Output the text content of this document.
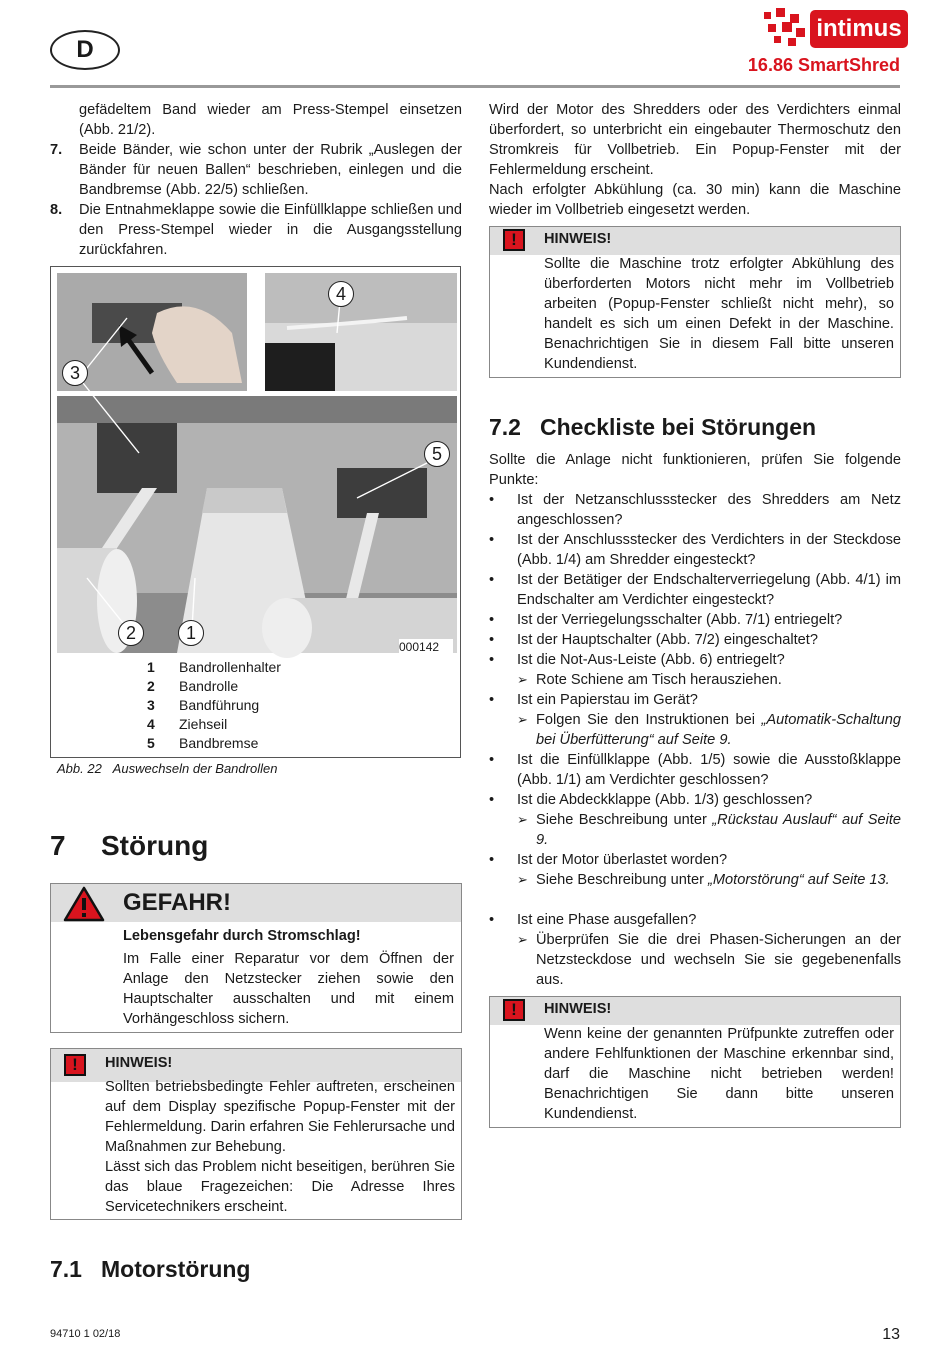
D
intimus
16.86 SmartShred

gefädeltem Band wieder am Press-Stempel einsetzen (Abb. 21/2).

7. Beide Bänder, wie schon unter der Rubrik „Auslegen der Bänder für neuen Ballen“ beschrieben, einlegen und die Bandbremse (Abb. 22/5) schließen.
8. Die Entnahmeklappe sowie die Einfüllklappe schließen und den Press-Stempel wieder in die Ausgangsstellung zurückfahren.
000142
1
2
3
4
5
1 Bandrollenhalter
2 Bandrolle
3 Bandführung
4 Ziehseil
5 Bandbremse
Abb. 22 Auswechseln der Bandrollen
7 Störung
GEFAHR!
Lebensgefahr durch Stromschlag!

Im Falle einer Reparatur vor dem Öffnen der Anlage den Netzstecker ziehen sowie den Hauptschalter ausschalten und mit einem Vorhängeschloss sichern.

!	HINWEIS!

Sollten betriebsbedingte Fehler auftreten, erscheinen auf dem Display spezifische Popup-Fenster mit der Fehlermeldung. Darin erfahren Sie Fehlerursache und Maßnahmen zur Behebung.

Lässt sich das Problem nicht beseitigen, berühren Sie das blaue Fragezeichen: Die Adresse Ihres Servicetechnikers erscheint.

7.1 Motorstörung

Wird der Motor des Shredders oder des Verdichters einmal überfordert, so unterbricht ein eingebauter Thermoschutz den Stromkreis für Vollbetrieb. Ein Popup-Fenster mit der Fehlermeldung erscheint.

Nach erfolgter Abkühlung (ca. 30 min) kann die Maschine wieder im Vollbetrieb eingesetzt werden.

!	HINWEIS!

Sollte die Maschine trotz erfolgter Abkühlung des überforderten Motors nicht mehr im Vollbetrieb arbeiten (Popup-Fenster schließt nicht mehr), so handelt es sich um einen Defekt in der Maschine. Benachrichtigen Sie in diesem Fall bitte unseren Kundendienst.

7.2 Checkliste bei Störungen

Sollte die Anlage nicht funktionieren, prüfen Sie folgende Punkte:

• Ist der Netzanschlussstecker des Shredders am Netz angeschlossen?
• Ist der Anschlussstecker des Verdichters in der Steckdose (Abb. 1/4) am Shredder eingesteckt?
• Ist der Betätiger der Endschalterverriegelung (Abb. 4/1) im Endschalter am Verdichter eingesteckt?
• Ist der Verriegelungsschalter (Abb. 7/1) entriegelt?
• Ist der Hauptschalter (Abb. 7/2) eingeschaltet?
• Ist die Not-Aus-Leiste (Abb. 6) entriegelt?
➢ Rote Schiene am Tisch herausziehen.
• Ist ein Papierstau im Gerät?
➢ Folgen Sie den Instruktionen bei „Automatik-Schaltung bei Überfütterung“ auf Seite 9.
• Ist die Einfüllklappe (Abb. 1/5) sowie die Ausstoßklappe (Abb. 1/1) am Verdichter geschlossen?
• Ist die Abdeckklappe (Abb. 1/3) geschlossen?
➢ Siehe Beschreibung unter „Rückstau Auslauf“ auf Seite 9.
• Ist der Motor überlastet worden?
➢ Siehe Beschreibung unter „Motorstörung“ auf Seite 13.
• Ist eine Phase ausgefallen?
➢ Überprüfen Sie die drei Phasen-Sicherungen an der Netzsteckdose und wechseln Sie sie gegebenenfalls aus.
!	HINWEIS!

Wenn keine der genannten Prüfpunkte zutreffen oder andere Fehlfunktionen der Maschine erkennbar sind, darf die Maschine nicht betrieben werden! Benachrichtigen Sie dann bitte unseren Kundendienst.

94710 1 02/18	13
